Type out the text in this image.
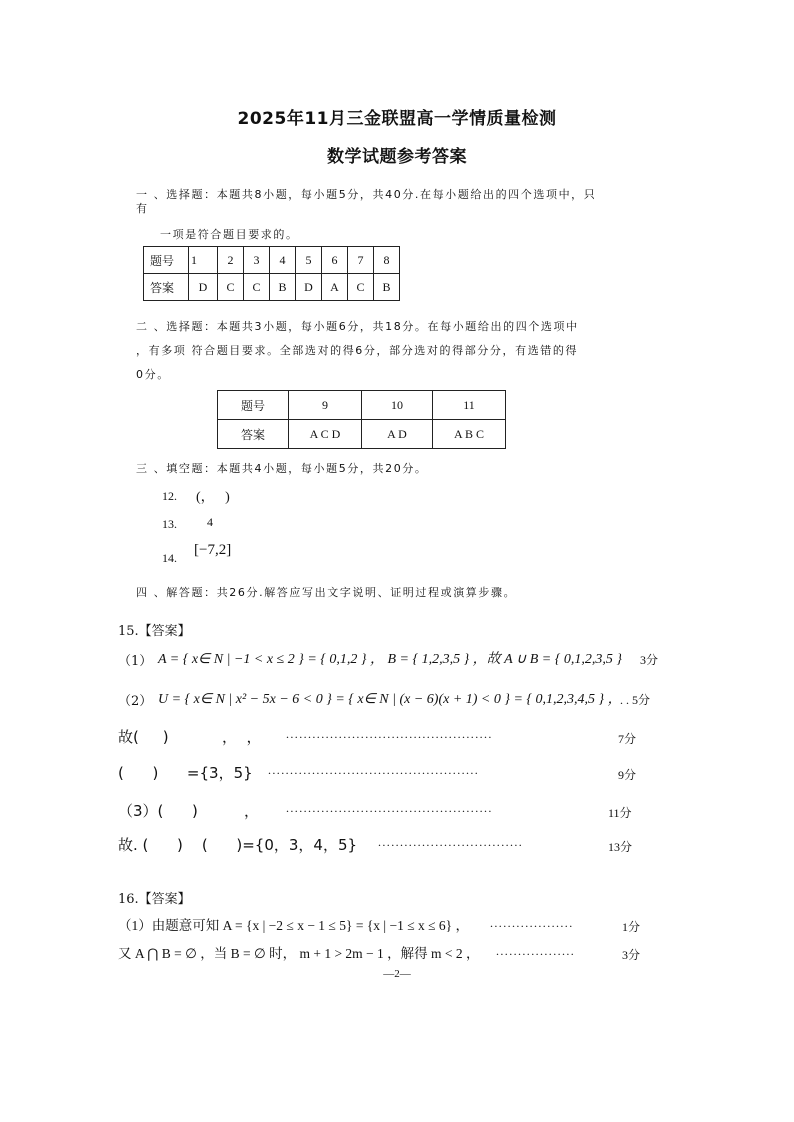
2025年11月三金联盟高一学情质量检测
数学试题参考答案
一 、选择题：本题共8小题，每小题5分，共40分.在每小题给出的四个选项中，只
有
一项是符合题目要求的。
题号	1	2	3	4	5	6	7	8
答案	D	C	C	B	D	A	C	B
二 、选择题：本题共3小题，每小题6分，共18分。在每小题给出的四个选项中
，有多项 符合题目要求。全部选对的得6分，部分选对的得部分分，有选错的得
0分。
题号	9	10	11
答案	A C D	A D	A B C
三 、填空题：本题共4小题，每小题5分，共20分。
12. (，   )
13.	4
14. [−7,2]
四 、解答题：共26分.解答应写出文字说明、证明过程或演算步骤。
15.【答案】
（1） A = { x∈ N | −1 < x ≤ 2 } = { 0,1,2 } ， B = { 1,2,3,5 } ，故 A ∪ B = { 0,1,2,3,5 } 3分
（2） U = { x∈ N | x² − 5x − 6 < 0 } = { x∈ N | (x − 6)(x + 1) < 0 } = { 0,1,2,3,4,5 } ，
. . 5分
故(     )	，  ， ...............................................	7分
(      )      ={3，5} ................................................	9分
（3）(      )	， ...............................................	11分
故. (      )    (      )={0，3，4，5} .................................	13分
16.【答案】
（1）由题意可知 A = {x | −2 ≤ x − 1 ≤ 5} = {x | −1 ≤ x ≤ 6} ， ...................	1分
又 A ⋂ B = ∅ ，当 B = ∅ 时， m + 1 > 2m − 1 ，解得 m < 2 ， ..................	3分
—2—
